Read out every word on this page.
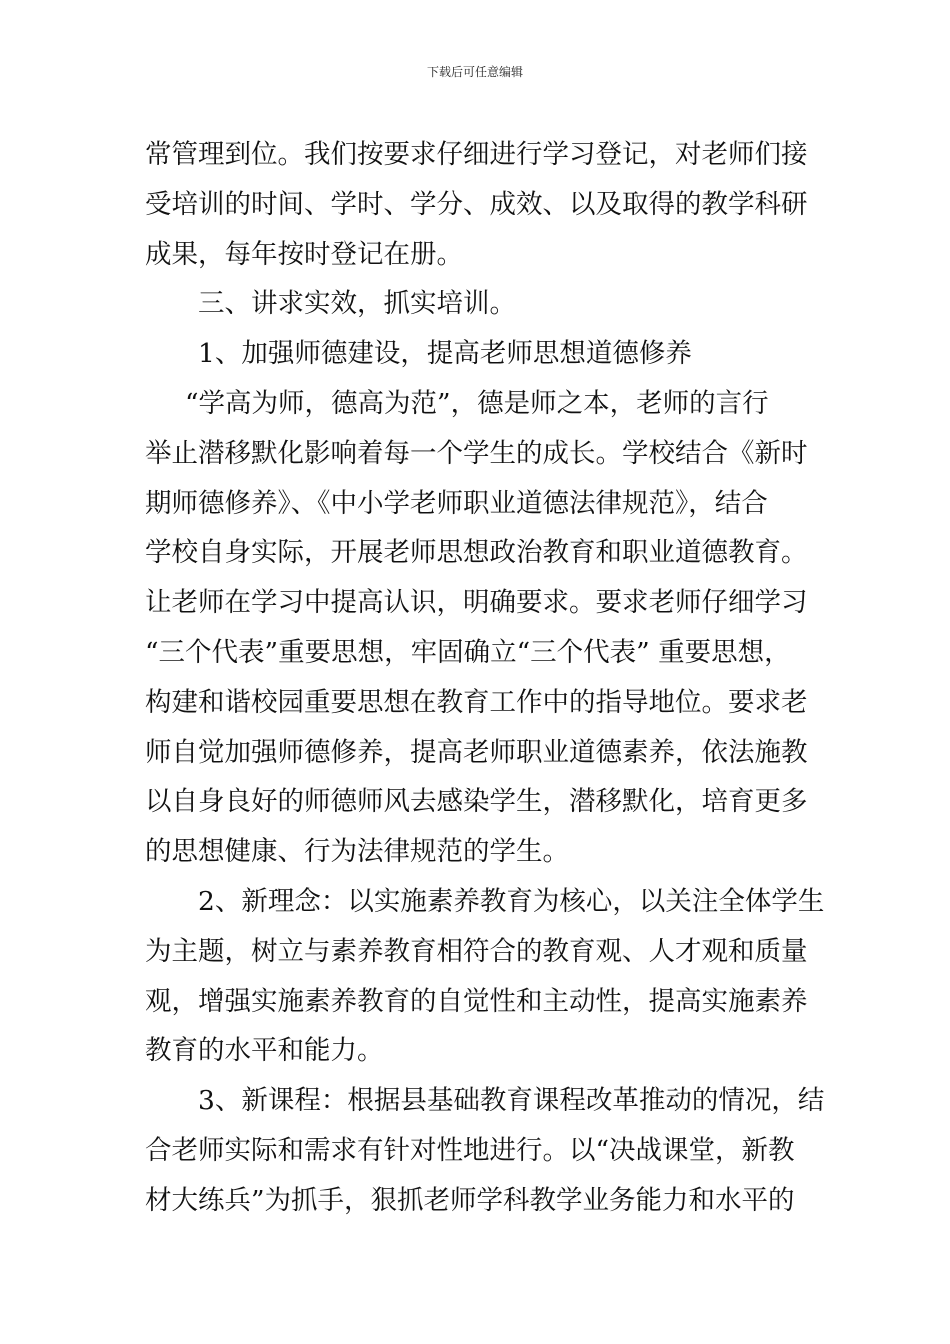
下载后可任意编辑
常管理到位。我们按要求仔细进行学习登记，对老师们接
受培训的时间、学时、学分、成效、以及取得的教学科研
成果，每年按时登记在册。
三、讲求实效，抓实培训。
1、加强师德建设，提高老师思想道德修养
“学高为师，德高为范”，德是师之本，老师的言行
举止潜移默化影响着每一个学生的成长。学校结合《新时
期师德修养》、《中小学老师职业道德法律规范》，结合
学校自身实际，开展老师思想政治教育和职业道德教育。
让老师在学习中提高认识，明确要求。要求老师仔细学习
“三个代表”重要思想，牢固确立“三个代表” 重要思想，
构建和谐校园重要思想在教育工作中的指导地位。要求老
师自觉加强师德修养，提高老师职业道德素养，依法施教
以自身良好的师德师风去感染学生，潜移默化，培育更多
的思想健康、行为法律规范的学生。
2、新理念：以实施素养教育为核心，以关注全体学生
为主题，树立与素养教育相符合的教育观、人才观和质量
观，增强实施素养教育的自觉性和主动性，提高实施素养
教育的水平和能力。
3、新课程：根据县基础教育课程改革推动的情况，结
合老师实际和需求有针对性地进行。以“决战课堂，新教
材大练兵”为抓手，狠抓老师学科教学业务能力和水平的
